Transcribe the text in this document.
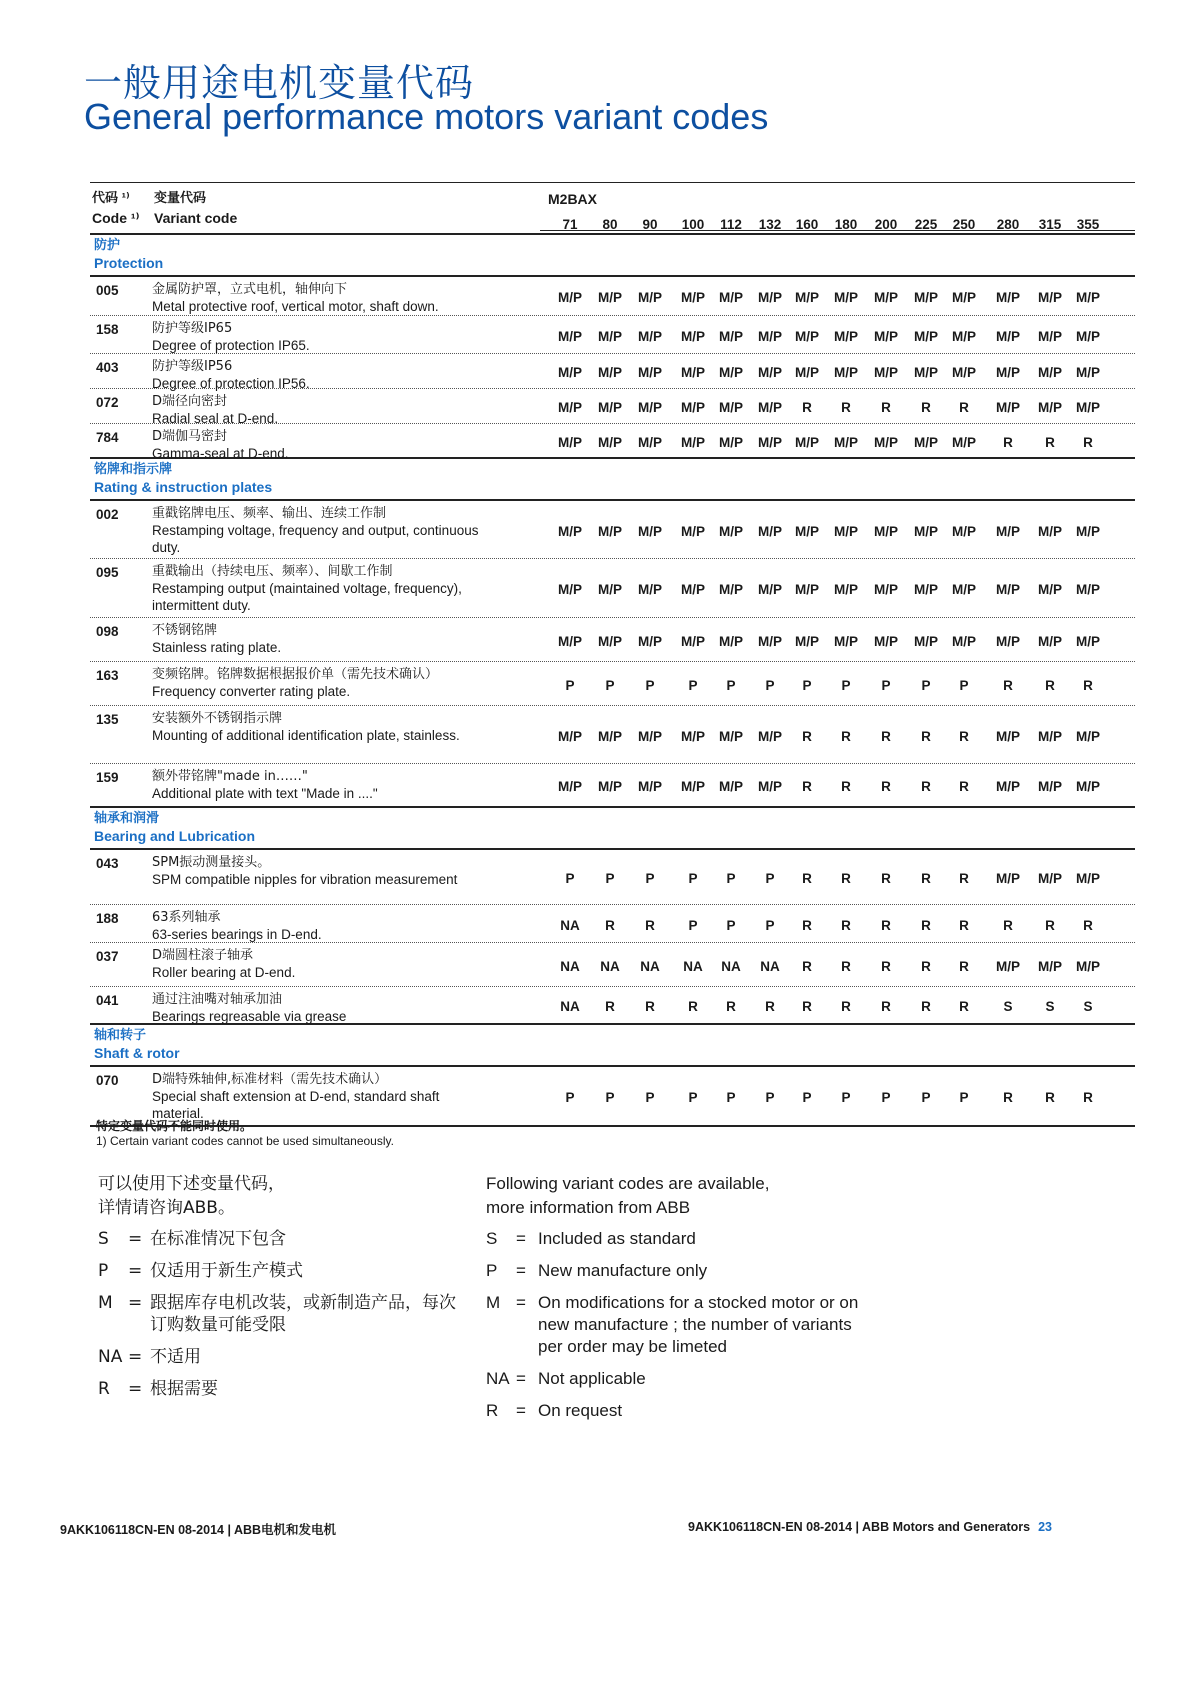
一般用途电机变量代码
General performance motors variant codes
代码 ¹⁾
Code ¹⁾
变量代码
Variant code
M2BAX
71	80	90	100	112	132	160	180	200	225	250	280	315	355
防护
Protection
005	金属防护罩，立式电机，轴伸向下
Metal protective roof, vertical motor, shaft down.
M/P	M/P	M/P	M/P	M/P	M/P M/P	M/P	M/P	M/P	M/P	M/P	M/P	M/P
158	防护等级IP65
Degree of protection IP65.
M/P	M/P	M/P	M/P	M/P	M/P M/P	M/P	M/P	M/P	M/P	M/P	M/P	M/P
403	防护等级IP56
Degree of protection IP56.
M/P	M/P	M/P	M/P	M/P	M/P M/P	M/P	M/P	M/P	M/P	M/P	M/P	M/P
072	D端径向密封
Radial seal at D-end.
M/P	M/P	M/P	M/P	M/P	M/P	R	R	R	R	R	M/P	M/P	M/P
784	D端伽马密封
Gamma-seal at D-end.
M/P	M/P	M/P	M/P	M/P	M/P M/P	M/P	M/P	M/P	M/P	R	R	R
铭牌和指示牌
Rating & instruction plates
002	重戳铭牌电压、频率、输出、连续工作制
Restamping voltage, frequency and output, continuous duty.
M/P	M/P	M/P	M/P	M/P	M/P M/P	M/P	M/P	M/P	M/P	M/P	M/P	M/P
095	重戳输出（持续电压、频率）、间歇工作制
Restamping output (maintained voltage, frequency), intermittent duty.
M/P	M/P	M/P	M/P	M/P	M/P M/P	M/P	M/P	M/P	M/P	M/P	M/P	M/P
098	不锈钢铭牌
Stainless rating plate.	M/P	M/P	M/P	M/P	M/P	M/P M/P	M/P	M/P	M/P	M/P	M/P	M/P	M/P
163	变频铭牌。铭牌数据根据报价单（需先技术确认）
Frequency converter rating plate.	P	P	P	P	P	P	P	P	P	P	P	R	R	R
135	安装额外不锈钢指示牌
Mounting of additional identification plate, stainless.	M/P	M/P	M/P	M/P	M/P	M/P	R	R	R	R	R	M/P	M/P	M/P
159	额外带铭牌"made in……"
Additional plate with text "Made in ...."	M/P	M/P	M/P	M/P	M/P	M/P	R	R	R	R	R	M/P	M/P	M/P
轴承和润滑
Bearing and Lubrication
043	SPM振动测量接头。
SPM compatible nipples for vibration measurement	P	P	P	P	P	P	R	R	R	R	R	M/P	M/P	M/P
188	63系列轴承
63-series bearings in D-end.
NA	R	R	P	P	P	R	R	R	R	R	R	R	R
037	D端圆柱滚子轴承
Roller bearing at D-end.	NA	NA	NA	NA	NA	NA	R	R	R	R	R	M/P	M/P	M/P
041	通过注油嘴对轴承加油
Bearings regreasable via grease
NA	R	R	R	R	R	R	R	R	R	R	S	S	S
轴和转子
Shaft & rotor
070	D端特殊轴伸,标准材料（需先技术确认）
Special shaft extension at D-end, standard shaft material.
P	P	P	P	P	P	P	P	P	P	P	R	R	R
特定变量代码不能同时使用。
1) Certain variant codes cannot be used simultaneously.
可以使用下述变量代码，
详情请咨询ABB。
S = 在标准情况下包含
P = 仅适用于新生产模式
M = 跟据库存电机改装，或新制造产品，每次订购数量可能受限
NA = 不适用
R = 根据需要
Following variant codes are available,
more information from ABB
S = Included as standard
P = New manufacture only
M = On modifications for a stocked motor or on new manufacture ; the number of variants per order may be limeted
NA = Not applicable
R = On request
9AKK106118CN-EN 08-2014 | ABB电机和发电机	9AKK106118CN-EN 08-2014 | ABB Motors and Generators 23
